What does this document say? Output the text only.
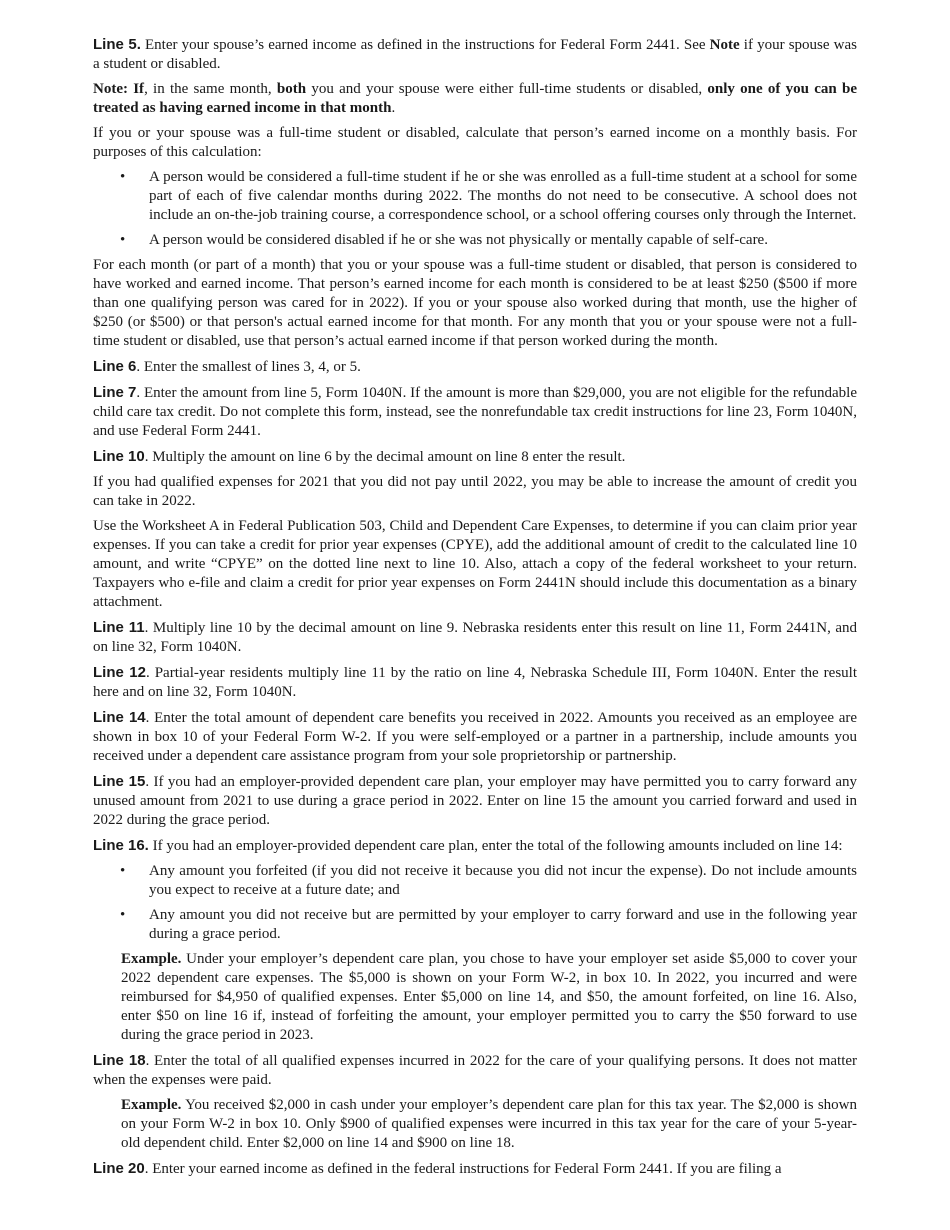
Line 5. Enter your spouse’s earned income as defined in the instructions for Federal Form 2441. See Note if your spouse was a student or disabled.

Note: If, in the same month, both you and your spouse were either full-time students or disabled, only one of you can be treated as having earned income in that month.

If you or your spouse was a full-time student or disabled, calculate that person’s earned income on a monthly basis. For purposes of this calculation:

• A person would be considered a full-time student if he or she was enrolled as a full-time student at a school for some part of each of five calendar months during 2022. The months do not need to be consecutive. A school does not include an on-the-job training course, a correspondence school, or a school offering courses only through the Internet.
• A person would be considered disabled if he or she was not physically or mentally capable of self-care.

For each month (or part of a month) that you or your spouse was a full-time student or disabled, that person is considered to have worked and earned income. That person’s earned income for each month is considered to be at least $250 ($500 if more than one qualifying person was cared for in 2022). If you or your spouse also worked during that month, use the higher of $250 (or $500) or that person's actual earned income for that month. For any month that you or your spouse were not a full-time student or disabled, use that person’s actual earned income if that person worked during the month.

Line 6. Enter the smallest of lines 3, 4, or 5.

Line 7. Enter the amount from line 5, Form 1040N. If the amount is more than $29,000, you are not eligible for the refundable child care tax credit. Do not complete this form, instead, see the nonrefundable tax credit instructions for line 23, Form 1040N, and use Federal Form 2441.

Line 10. Multiply the amount on line 6 by the decimal amount on line 8 enter the result.

If you had qualified expenses for 2021 that you did not pay until 2022, you may be able to increase the amount of credit you can take in 2022.

Use the Worksheet A in Federal Publication 503, Child and Dependent Care Expenses, to determine if you can claim prior year expenses. If you can take a credit for prior year expenses (CPYE), add the additional amount of credit to the calculated line 10 amount, and write “CPYE” on the dotted line next to line 10. Also, attach a copy of the federal worksheet to your return. Taxpayers who e-file and claim a credit for prior year expenses on Form 2441N should include this documentation as a binary attachment.

Line 11. Multiply line 10 by the decimal amount on line 9. Nebraska residents enter this result on line 11, Form 2441N, and on line 32, Form 1040N.

Line 12. Partial-year residents multiply line 11 by the ratio on line 4, Nebraska Schedule III, Form 1040N. Enter the result here and on line 32, Form 1040N.

Line 14. Enter the total amount of dependent care benefits you received in 2022. Amounts you received as an employee are shown in box 10 of your Federal Form W-2. If you were self-employed or a partner in a partnership, include amounts you received under a dependent care assistance program from your sole proprietorship or partnership.

Line 15. If you had an employer-provided dependent care plan, your employer may have permitted you to carry forward any unused amount from 2021 to use during a grace period in 2022. Enter on line 15 the amount you carried forward and used in 2022 during the grace period.

Line 16. If you had an employer-provided dependent care plan, enter the total of the following amounts included on line 14:

• Any amount you forfeited (if you did not receive it because you did not incur the expense). Do not include amounts you expect to receive at a future date; and
• Any amount you did not receive but are permitted by your employer to carry forward and use in the following year during a grace period.

Example. Under your employer’s dependent care plan, you chose to have your employer set aside $5,000 to cover your 2022 dependent care expenses. The $5,000 is shown on your Form W-2, in box 10. In 2022, you incurred and were reimbursed for $4,950 of qualified expenses. Enter $5,000 on line 14, and $50, the amount forfeited, on line 16. Also, enter $50 on line 16 if, instead of forfeiting the amount, your employer permitted you to carry the $50 forward to use during the grace period in 2023.

Line 18. Enter the total of all qualified expenses incurred in 2022 for the care of your qualifying persons. It does not matter when the expenses were paid.

Example. You received $2,000 in cash under your employer’s dependent care plan for this tax year. The $2,000 is shown on your Form W-2 in box 10. Only $900 of qualified expenses were incurred in this tax year for the care of your 5-year-old dependent child. Enter $2,000 on line 14 and $900 on line 18.

Line 20. Enter your earned income as defined in the federal instructions for Federal Form 2441. If you are filing a
